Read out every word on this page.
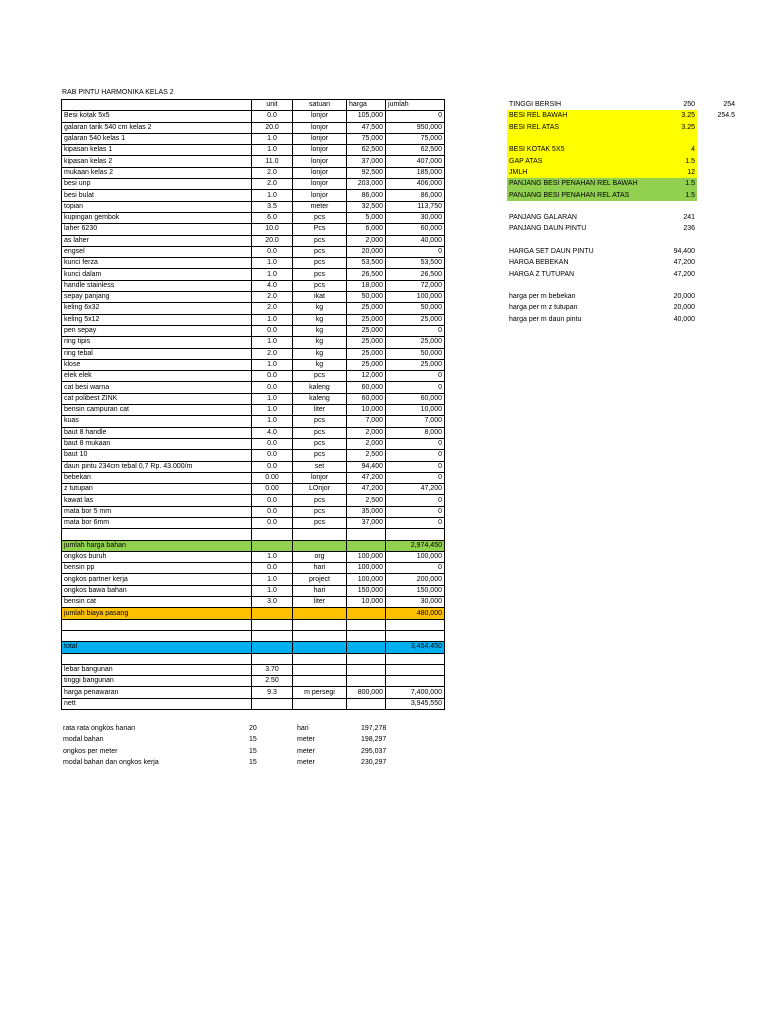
RAB PINTU HARMONIKA KELAS 2
	unit	satuan	harga	jumlah
Besi kotak 5x5	0.0	lonjor	105,000	0
galaran tarik 540 cm kelas 2	20.0	lonjor	47,500	950,000
galaran 540 kelas 1	1.0	lonjor	75,000	75,000
kipasan kelas 1	1.0	lonjor	62,500	62,500
kipasan kelas 2	11.0	lonjor	37,000	407,000
mukaan kelas 2	2.0	lonjor	92,500	185,000
besi unp	2.0	lonjor	203,000	406,000
besi bulat	1.0	lonjor	86,000	86,000
topian	3.5	meter	32,500	113,750
kupingan gembok	6.0	pcs	5,000	30,000
laher 6230	10.0	Pcs	6,000	60,000
as laher	20.0	pcs	2,000	40,000
engsel	0.0	pcs	20,000	0
kunci ferza	1.0	pcs	53,500	53,500
kunci dalam	1.0	pcs	26,500	26,500
handle stainless	4.0	pcs	18,000	72,000
sepay panjang	2.0	ikat	50,000	100,000
keling 6x32	2.0	kg	25,000	50,000
keling 5x12	1.0	kg	25,000	25,000
pen sepay	0.0	kg	25,000	0
ring tipis	1.0	kg	25,000	25,000
ring tebal	2.0	kg	25,000	50,000
klose	1.0	kg	25,000	25,000
elek elek	0.0	pcs	12,000	0
cat besi warna	0.0	kaleng	60,000	0
cat polibest ZINK	1.0	kaleng	60,000	60,000
bensin campuran cat	1.0	liter	10,000	10,000
kuas	1.0	pcs	7,000	7,000
baut 8 handle	4.0	pcs	2,000	8,000
baut 8 mukaan	0.0	pcs	2,000	0
baut 10	0.0	pcs	2,500	0
daun pintu 234cm tebal 0,7 Rp. 43.000/m	0.0	set	94,400	0
bebekan	0.00	lonjor	47,200	0
z tutupan	0.00	LOnjor	47,200	47,200
kawat las	0.0	pcs	2,500	0
mata bor 5 mm	0.0	pcs	35,000	0
mata bor 6mm	0.0	pcs	37,000	0

jumlah harga bahan				2,974,450
ongkos buruh	1.0	org	100,000	100,000
bensin pp	0.0	hari	100,000	0
ongkos partner kerja	1.0	project	100,000	200,000
ongkos bawa bahan	1.0	hari	150,000	150,000
bensin cat	3.0	liter	10,000	30,000
jumlah biaya pasang				480,000

total				3,454,450

lebar bangunan	3.70			
tinggi bangunan	2.50			
harga penawaran	9.3	m persegi	800,000	7,400,000
nett				3,945,550
rata rata ongkos harian	20	hari	197,278
modal bahan	15	meter	198,297
ongkos per meter	15	meter	295,037
modal bahan dan ongkos kerja	15	meter	230,297
TINGGI BERSIH	250	254
BESI REL BAWAH	3.25	254.5
BESI REL ATAS	3.25	

BESI KOTAK 5X5	4	
GAP ATAS	1.5	
JMLH	12	
PANJANG BESI PENAHAN REL BAWAH	1.5	
PANJANG BESI PENAHAN REL ATAS	1.5	

PANJANG GALARAN	241	
PANJANG DAUN PINTU	236	

HARGA SET DAUN PINTU	94,400	
HARGA BEBEKAN	47,200	
HARGA Z TUTUPAN	47,200	

harga per m bebekan	20,000	
harga per m z tutupan	20,000	
harga per m daun pintu	40,000	
